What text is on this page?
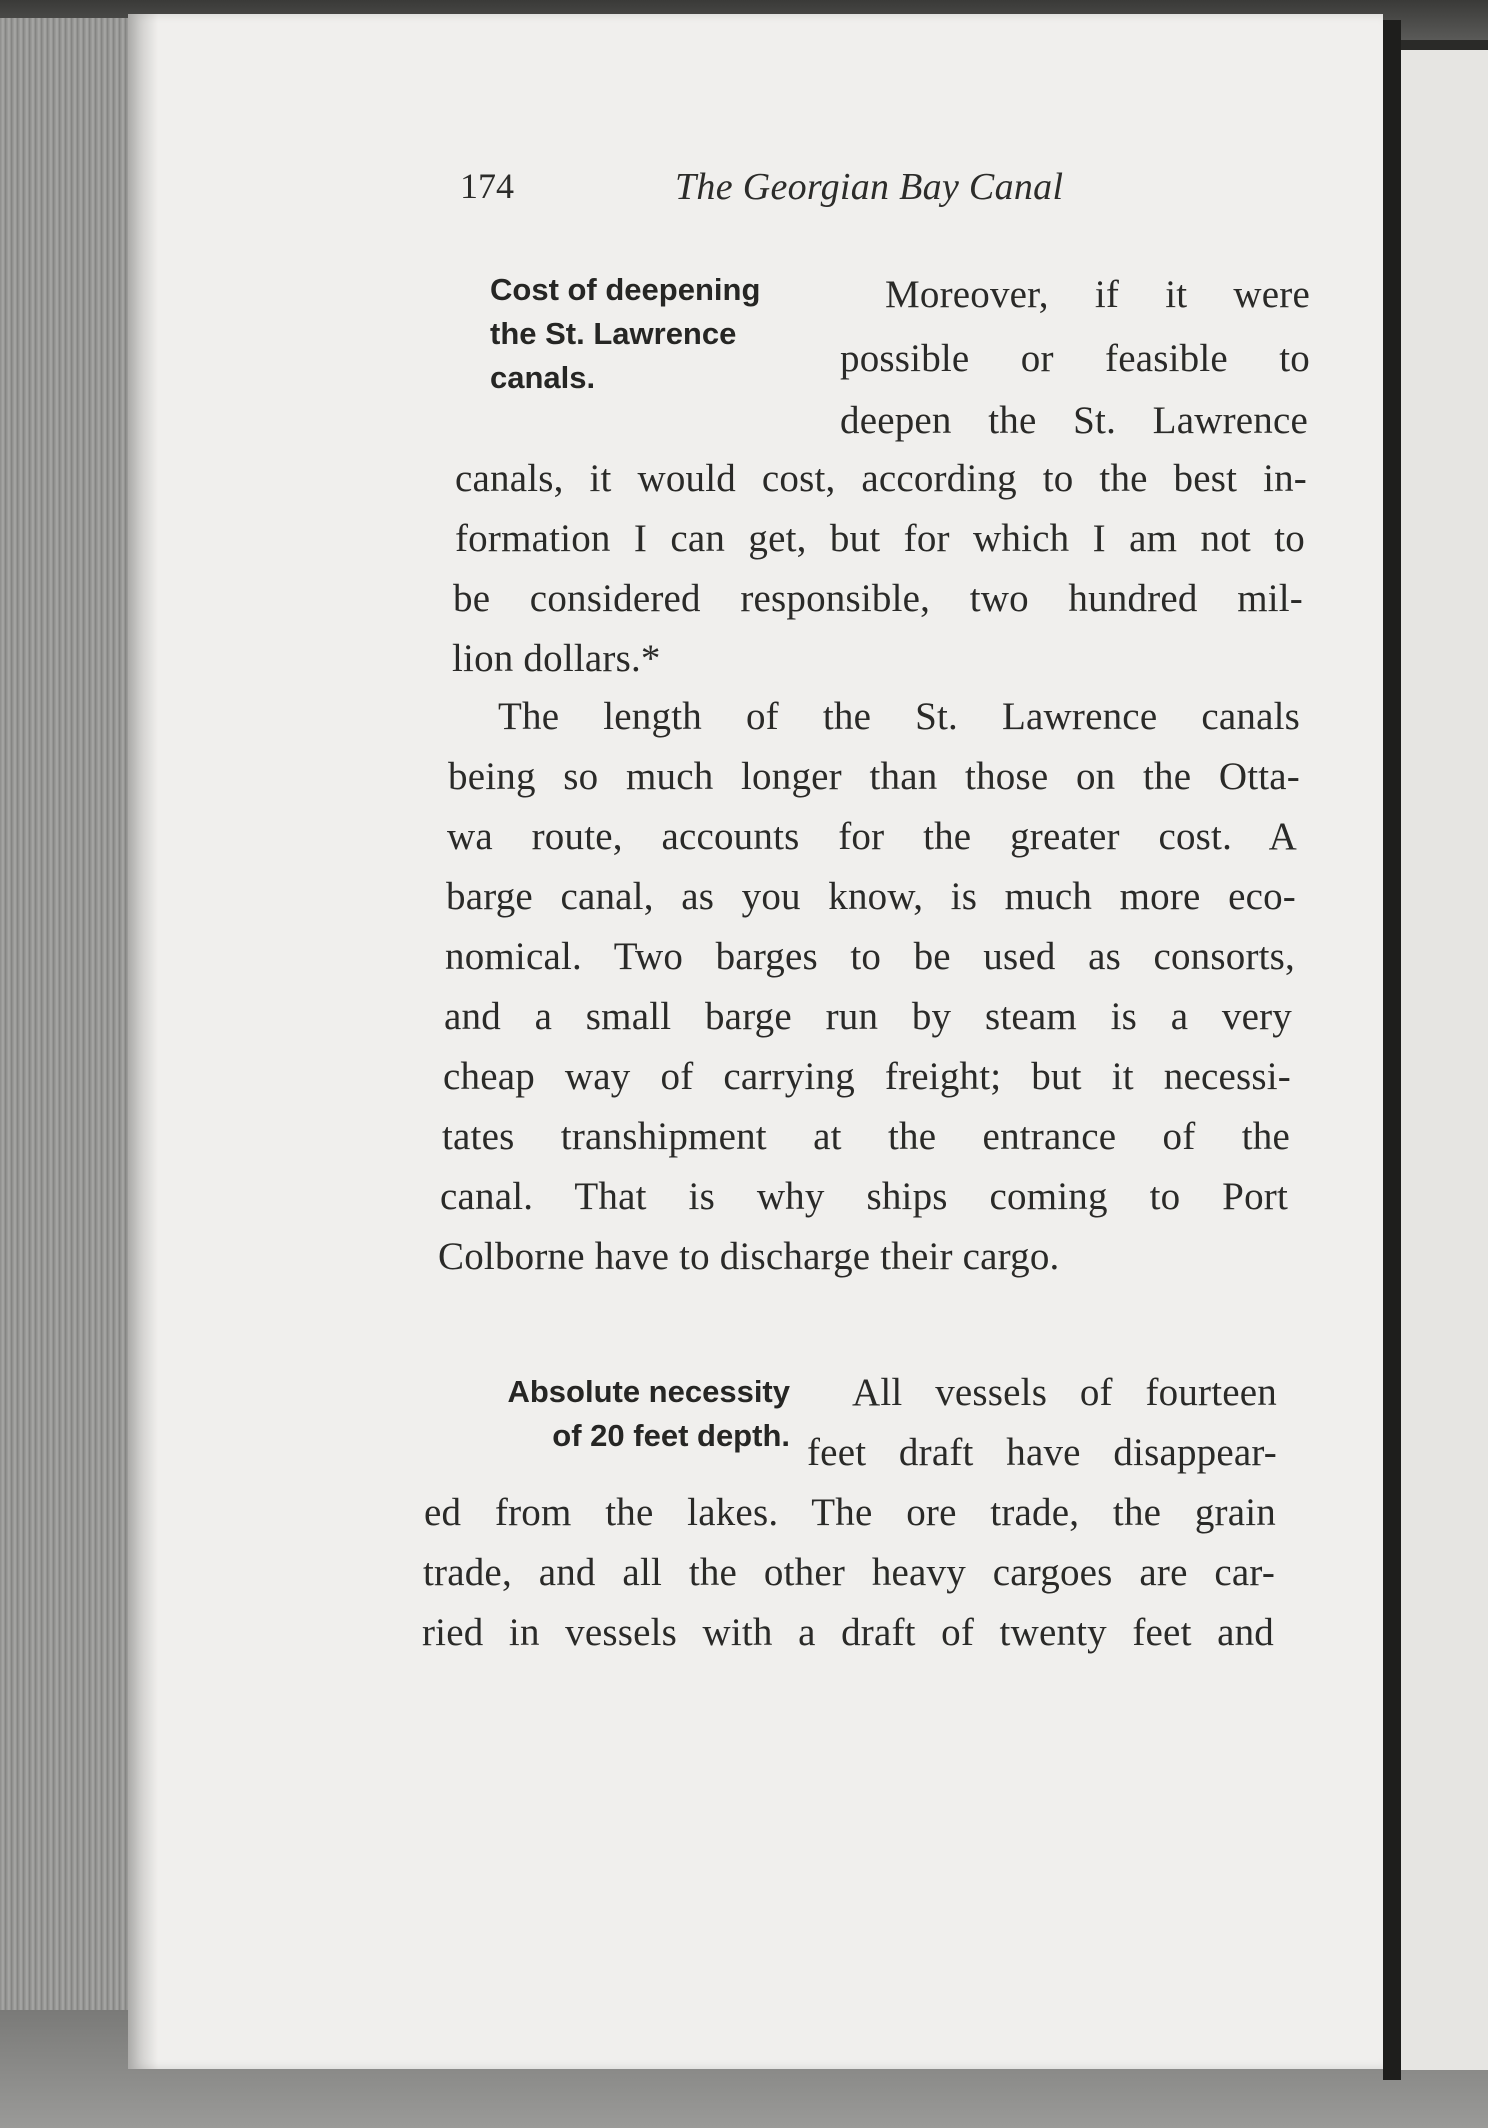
174	The Georgian Bay Canal
Cost of deepening
the St. Lawrence
canals.
Absolute necessity
of 20 feet depth.
Moreover, if it were
possible or feasible to
deepen the St. Lawrence
canals, it would cost, according to the best in-
formation I can get, but for which I am not to
be considered responsible, two hundred mil-
lion dollars.*
The length of the St. Lawrence canals
being so much longer than those on the Otta-
wa route, accounts for the greater cost. A
barge canal, as you know, is much more eco-
nomical. Two barges to be used as consorts,
and a small barge run by steam is a very
cheap way of carrying freight; but it necessi-
tates transhipment at the entrance of the
canal. That is why ships coming to Port
Colborne have to discharge their cargo.
All vessels of fourteen
feet draft have disappear-
ed from the lakes. The ore trade, the grain
trade, and all the other heavy cargoes are car-
ried in vessels with a draft of twenty feet and
